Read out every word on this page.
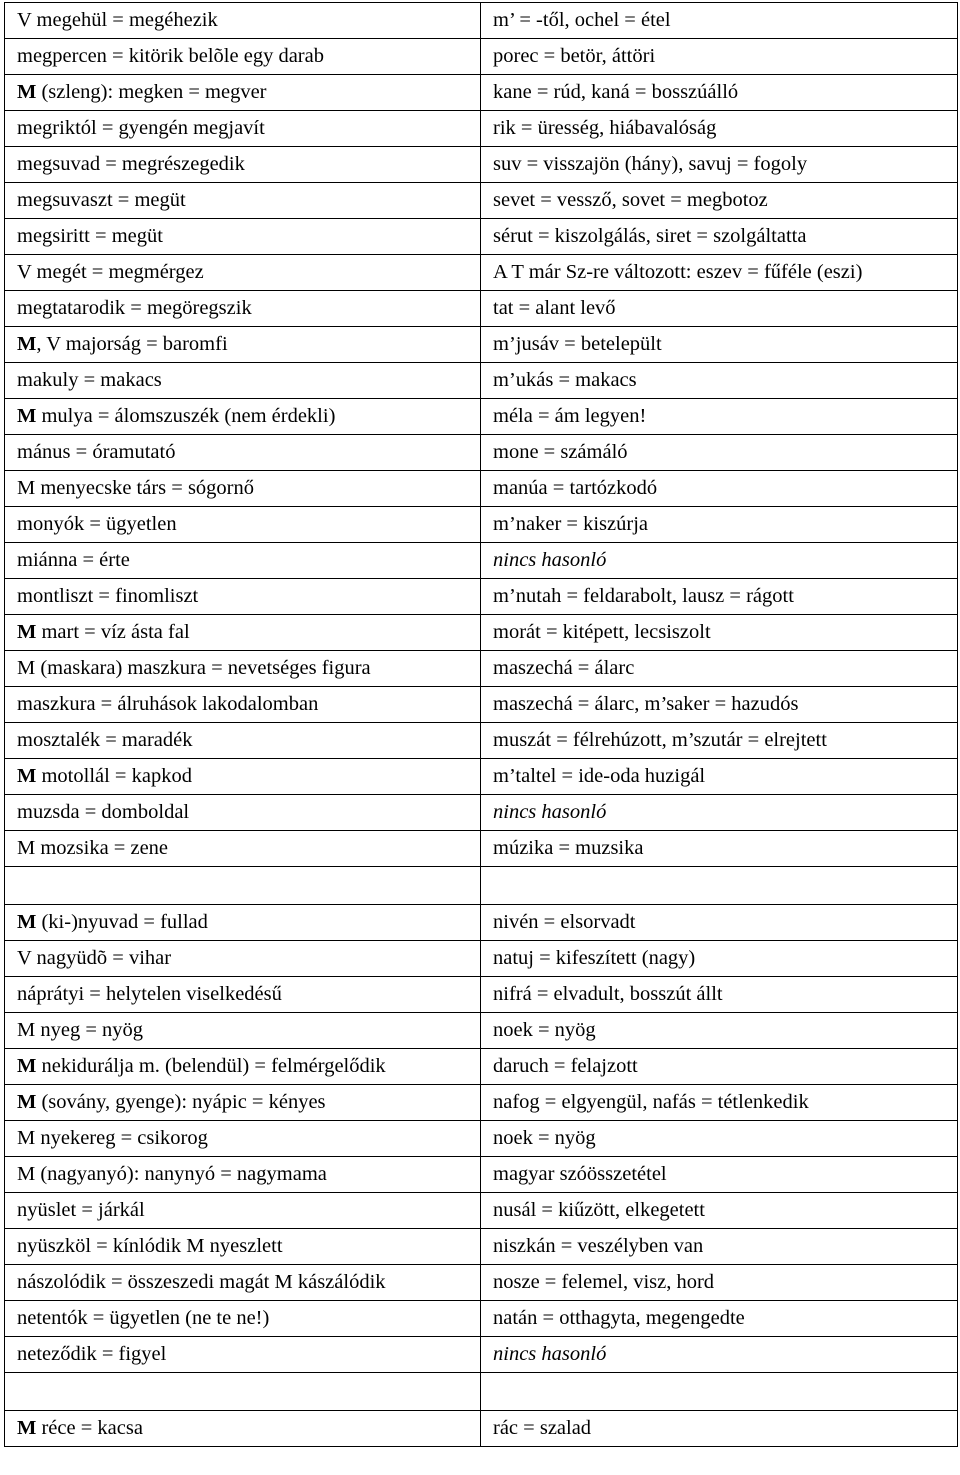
V megehül = megéhezik	m’ = -től, ochel = étel
megpercen = kitörik belõle egy darab	porec = betör, áttöri
M (szleng): megken = megver	kane = rúd, kaná = bosszúálló
megriktól = gyengén megjavít	rik = üresség, hiábavalóság
megsuvad = megrészegedik	suv = visszajön (hány), savuj = fogoly
megsuvaszt = megüt	sevet = vessző, sovet = megbotoz
megsiritt = megüt	sérut = kiszolgálás, siret = szolgáltatta
V megét = megmérgez	A T már Sz-re változott: eszev = fűféle (eszi)
megtatarodik = megöregszik	tat = alant levő
M, V majorság = baromfi	m’jusáv = betelepült
makuly = makacs	m’ukás = makacs
M mulya = álomszuszék (nem érdekli)	méla = ám legyen!
mánus = óramutató	mone = számáló
M menyecske társ = sógornő	manúa = tartózkodó
monyók = ügyetlen	m’naker = kiszúrja
miánna = érte	nincs hasonló
montliszt = finomliszt	m’nutah = feldarabolt, lausz = rágott
M mart = víz ásta fal	morát = kitépett, lecsiszolt
M (maskara) maszkura = nevetséges figura	maszechá = álarc
maszkura = álruhások lakodalomban	maszechá = álarc, m’saker = hazudós
mosztalék = maradék	muszát = félrehúzott, m’szutár = elrejtett
M motollál = kapkod	m’taltel = ide-oda huzigál
muzsda = domboldal	nincs hasonló
M mozsika = zene	múzika = muzsika

M (ki-)nyuvad = fullad	nivén = elsorvadt
V nagyüdõ = vihar	natuj = kifeszített (nagy)
náprátyi = helytelen viselkedésű	nifrá = elvadult, bosszút állt
M nyeg = nyög	noek = nyög
M nekidurálja m. (belendül) = felmérgelődik	daruch = felajzott
M (sovány, gyenge): nyápic = kényes	nafog = elgyengül, nafás = tétlenkedik
M nyekereg = csikorog	noek = nyög
M (nagyanyó): nanynyó = nagymama	magyar szóösszetétel
nyüslet = járkál	nusál = kiűzött, elkegetett
nyüszköl = kínlódik M nyeszlett	niszkán = veszélyben van
nászolódik = összeszedi magát M kászálódik	nosze = felemel, visz, hord
netentók = ügyetlen (ne te ne!)	natán = otthagyta, megengedte
neteződik = figyel	nincs hasonló

M réce = kacsa	rác = szalad
